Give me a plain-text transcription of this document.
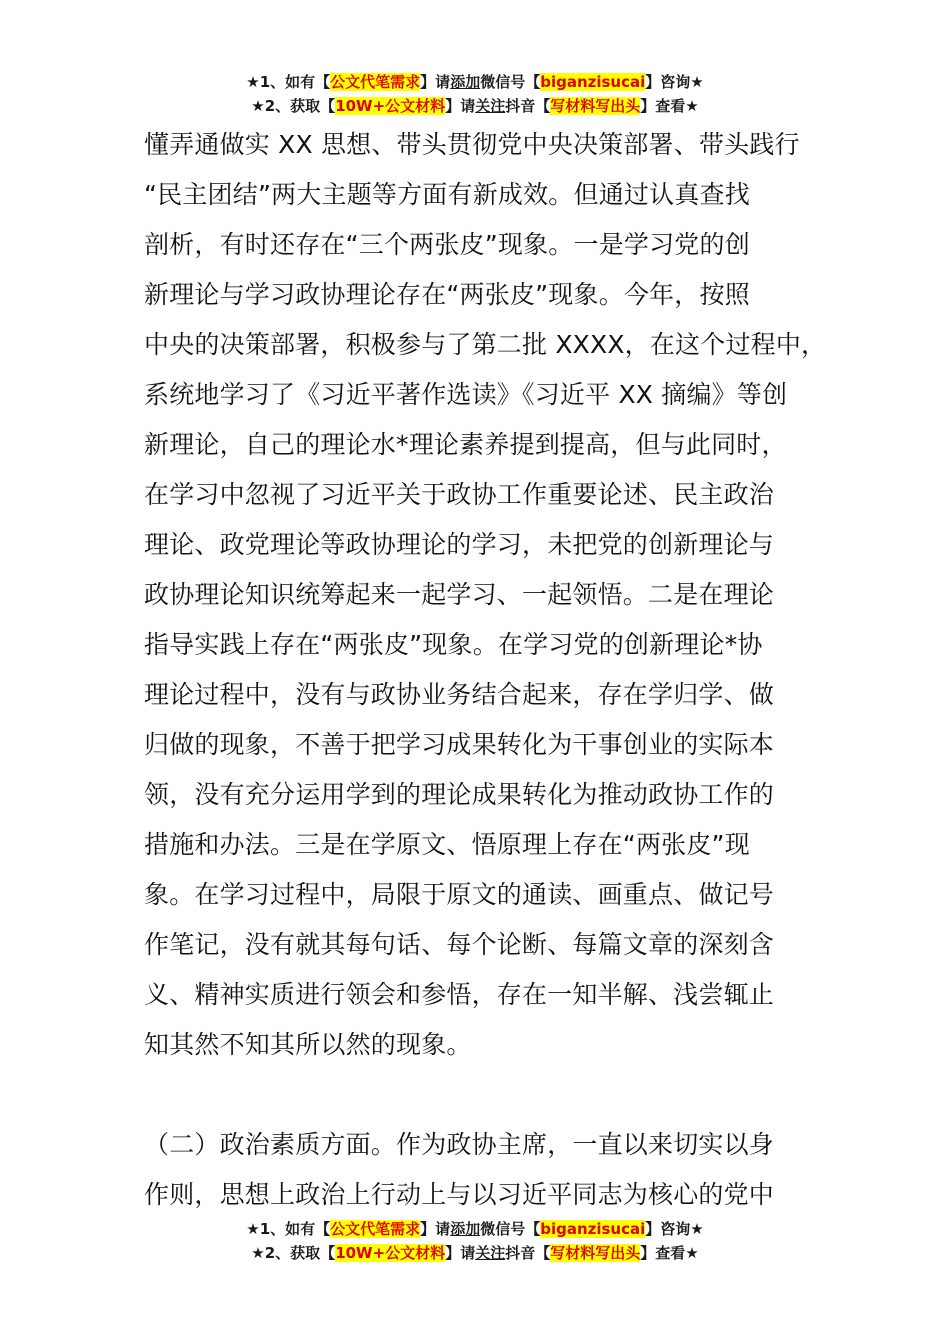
★1、如有【公文代笔需求】请添加微信号【biganzisucai】咨询★
★2、获取【10W+公文材料】请关注抖音【写材料写出头】查看★
懂弄通做实 XX 思想、带头贯彻党中央决策部署、带头践行
“民主团结”两大主题等方面有新成效。但通过认真查找
剖析，有时还存在“三个两张皮”现象。一是学习党的创
新理论与学习政协理论存在“两张皮”现象。今年，按照
中央的决策部署，积极参与了第二批 XXXX，在这个过程中，
系统地学习了《习近平著作选读》《习近平 XX 摘编》等创
新理论，自己的理论水*理论素养提到提高，但与此同时，
在学习中忽视了习近平关于政协工作重要论述、民主政治
理论、政党理论等政协理论的学习，未把党的创新理论与
政协理论知识统筹起来一起学习、一起领悟。二是在理论
指导实践上存在“两张皮”现象。在学习党的创新理论*协
理论过程中，没有与政协业务结合起来，存在学归学、做
归做的现象，不善于把学习成果转化为干事创业的实际本
领，没有充分运用学到的理论成果转化为推动政协工作的
措施和办法。三是在学原文、悟原理上存在“两张皮”现
象。在学习过程中，局限于原文的通读、画重点、做记号
作笔记，没有就其每句话、每个论断、每篇文章的深刻含
义、精神实质进行领会和参悟，存在一知半解、浅尝辄止
知其然不知其所以然的现象。
（二）政治素质方面。作为政协主席，一直以来切实以身
作则，思想上政治上行动上与以习近平同志为核心的党中
★1、如有【公文代笔需求】请添加微信号【biganzisucai】咨询★
★2、获取【10W+公文材料】请关注抖音【写材料写出头】查看★
